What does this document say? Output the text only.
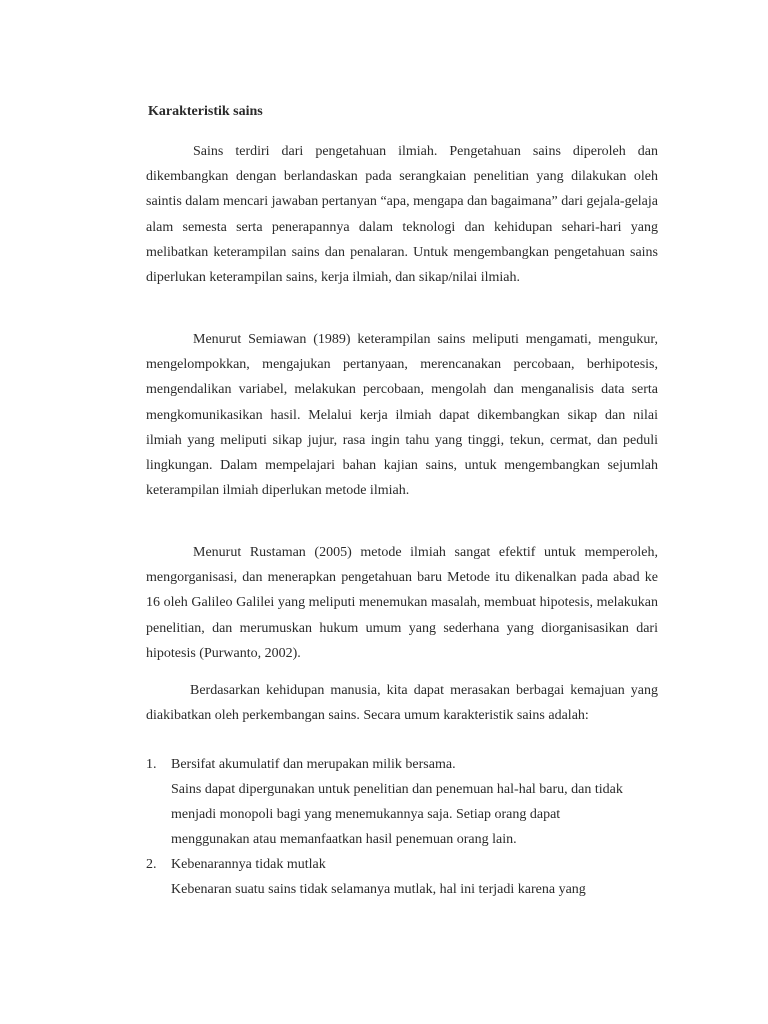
Karakteristik sains

Sains terdiri dari pengetahuan ilmiah. Pengetahuan sains diperoleh dan dikembangkan dengan berlandaskan pada serangkaian penelitian yang dilakukan oleh saintis dalam mencari jawaban pertanyan “apa, mengapa dan bagaimana” dari gejala-gelaja alam semesta serta penerapannya dalam teknologi dan kehidupan sehari-hari yang melibatkan keterampilan sains dan penalaran. Untuk mengembangkan pengetahuan sains diperlukan keterampilan sains, kerja ilmiah, dan sikap/nilai ilmiah.

Menurut Semiawan (1989) keterampilan sains meliputi mengamati, mengukur, mengelompokkan, mengajukan pertanyaan, merencanakan percobaan, berhipotesis, mengendalikan variabel, melakukan percobaan, mengolah dan menganalisis data serta mengkomunikasikan hasil. Melalui kerja ilmiah dapat dikembangkan sikap dan nilai ilmiah yang meliputi sikap jujur, rasa ingin tahu yang tinggi, tekun, cermat, dan peduli lingkungan. Dalam mempelajari bahan kajian sains, untuk mengembangkan sejumlah keterampilan ilmiah diperlukan metode ilmiah.

Menurut Rustaman (2005) metode ilmiah sangat efektif untuk memperoleh, mengorganisasi, dan menerapkan pengetahuan baru Metode itu dikenalkan pada abad ke 16 oleh Galileo Galilei yang meliputi menemukan masalah, membuat hipotesis, melakukan penelitian, dan merumuskan hukum umum yang sederhana yang diorganisasikan dari hipotesis (Purwanto, 2002).

Berdasarkan kehidupan manusia, kita dapat merasakan berbagai kemajuan yang diakibatkan oleh perkembangan sains. Secara umum karakteristik sains adalah:

1. Bersifat akumulatif dan merupakan milik bersama.

Sains dapat dipergunakan untuk penelitian dan penemuan hal-hal baru, dan tidak menjadi monopoli bagi yang menemukannya saja. Setiap orang dapat menggunakan atau memanfaatkan hasil penemuan orang lain.

2. Kebenarannya tidak mutlak

Kebenaran suatu sains tidak selamanya mutlak, hal ini terjadi karena yang
